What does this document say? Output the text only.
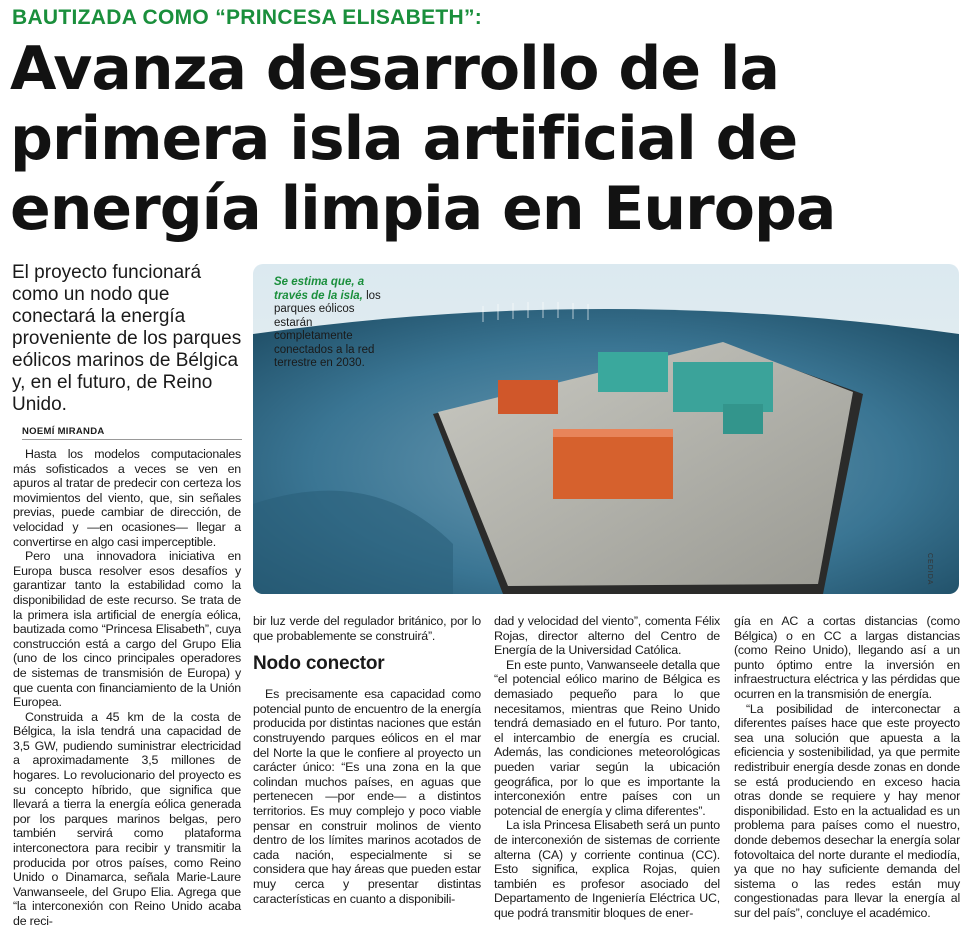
BAUTIZADA COMO “PRINCESA ELISABETH”:
Avanza desarrollo de la
primera isla artificial de
energía limpia en Europa
El proyecto funcionará como un nodo que conectará la energía proveniente de los parques eólicos marinos de Bélgica y, en el futuro, de Reino Unido.
NOEMÍ MIRANDA
Se estima que, a través de la isla, los parques eólicos estarán completamente conectados a la red terrestre en 2030.
CEDIDA

Hasta los modelos computacionales más sofisticados a veces se ven en apuros al tratar de predecir con certeza los movimientos del viento, que, sin señales previas, puede cambiar de dirección, de velocidad y —en ocasiones— llegar a convertirse en algo casi imperceptible.

Pero una innovadora iniciativa en Europa busca resolver esos desafíos y garantizar tanto la estabilidad como la disponibilidad de este recurso. Se trata de la primera isla artificial de energía eólica, bautizada como “Princesa Elisabeth”, cuya construcción está a cargo del Grupo Elia (uno de los cinco principales operadores de sistemas de transmisión de Europa) y que cuenta con financiamiento de la Unión Europea.

Construida a 45 km de la costa de Bélgica, la isla tendrá una capacidad de 3,5 GW, pudiendo suministrar electricidad a aproximadamente 3,5 millones de hogares. Lo revolucionario del proyecto es su concepto híbrido, que significa que llevará a tierra la energía eólica generada por los parques marinos belgas, pero también servirá como plataforma interconectora para recibir y transmitir la producida por otros países, como Reino Unido o Dinamarca, señala Marie-Laure Vanwanseele, del Grupo Elia. Agrega que “la interconexión con Reino Unido acaba de reci-

bir luz verde del regulador británico, por lo que probablemente se construirá”.

Nodo conector

Es precisamente esa capacidad como potencial punto de encuentro de la energía producida por distintas naciones que están construyendo parques eólicos en el mar del Norte la que le confiere al proyecto un carácter único: “Es una zona en la que colindan muchos países, en aguas que pertenecen —por ende— a distintos territorios. Es muy complejo y poco viable pensar en construir molinos de viento dentro de los límites marinos acotados de cada nación, especialmente si se considera que hay áreas que pueden estar muy cerca y presentar distintas características en cuanto a disponibili-

dad y velocidad del viento”, comenta Félix Rojas, director alterno del Centro de Energía de la Universidad Católica.

En este punto, Vanwanseele detalla que “el potencial eólico marino de Bélgica es demasiado pequeño para lo que necesitamos, mientras que Reino Unido tendrá demasiado en el futuro. Por tanto, el intercambio de energía es crucial. Además, las condiciones meteorológicas pueden variar según la ubicación geográfica, por lo que es importante la interconexión entre países con un potencial de energía y clima diferentes”.

La isla Princesa Elisabeth será un punto de interconexión de sistemas de corriente alterna (CA) y corriente continua (CC). Esto significa, explica Rojas, quien también es profesor asociado del Departamento de Ingeniería Eléctrica UC, que podrá transmitir bloques de ener-

gía en AC a cortas distancias (como Bélgica) o en CC a largas distancias (como Reino Unido), llegando así a un punto óptimo entre la inversión en infraestructura eléctrica y las pérdidas que ocurren en la transmisión de energía.

“La posibilidad de interconectar a diferentes países hace que este proyecto sea una solución que apuesta a la eficiencia y sostenibilidad, ya que permite redistribuir energía desde zonas en donde se está produciendo en exceso hacia otras donde se requiere y hay menor disponibilidad. Esto en la actualidad es un problema para países como el nuestro, donde debemos desechar la energía solar fotovoltaica del norte durante el mediodía, ya que no hay suficiente demanda del sistema o las redes están muy congestionadas para llevar la energía al sur del país”, concluye el académico.
